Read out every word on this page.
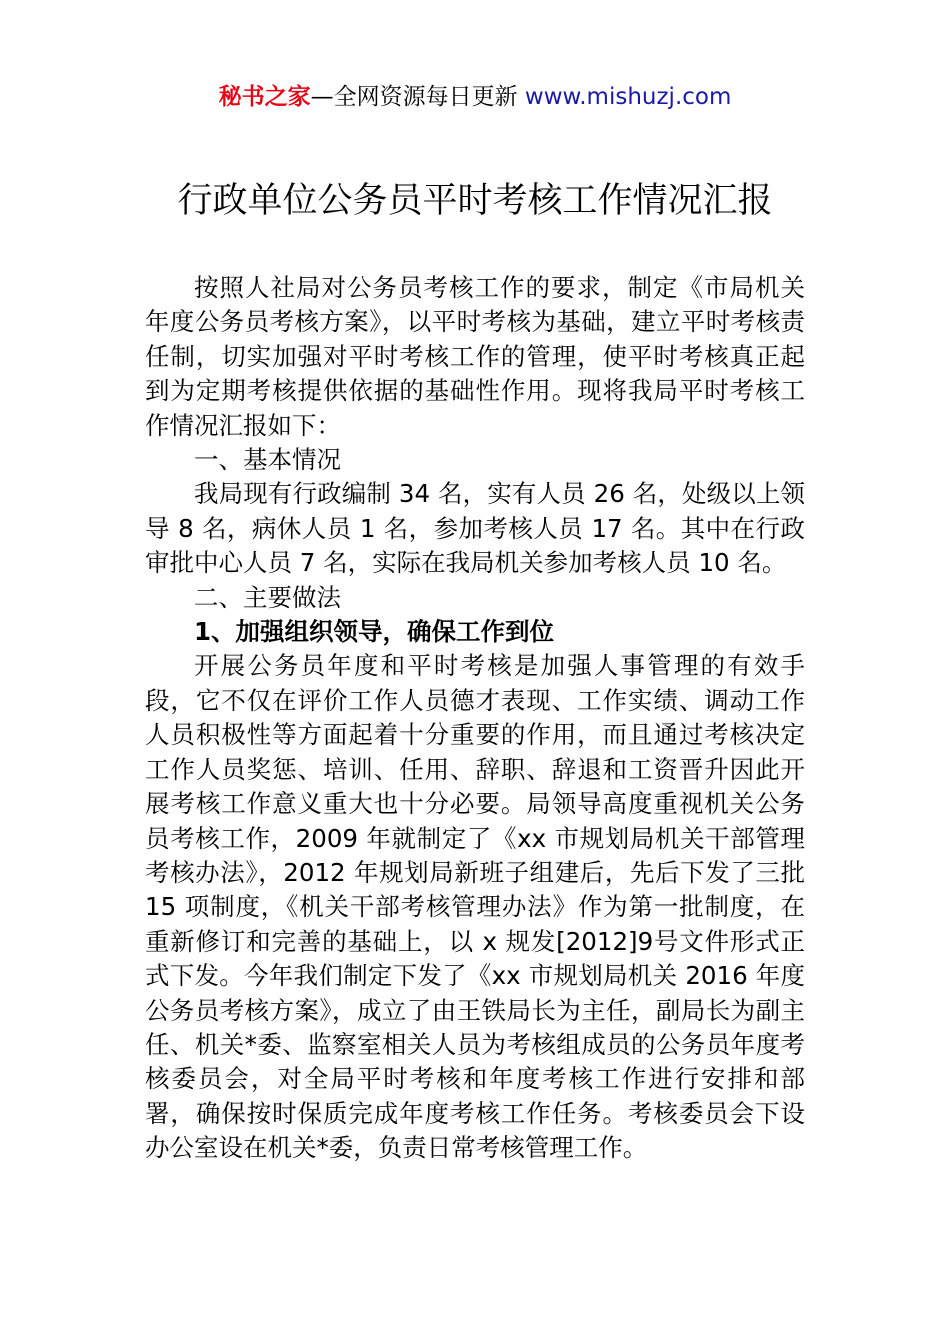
秘书之家—全网资源每日更新 www.mishuzj.com
行政单位公务员平时考核工作情况汇报

按照人社局对公务员考核工作的要求，制定《市局机关年度公务员考核方案》，以平时考核为基础，建立平时考核责任制，切实加强对平时考核工作的管理，使平时考核真正起到为定期考核提供依据的基础性作用。现将我局平时考核工作情况汇报如下：

一、基本情况

我局现有行政编制 34 名，实有人员 26 名，处级以上领导 8 名，病休人员 1 名，参加考核人员 17 名。其中在行政审批中心人员 7 名，实际在我局机关参加考核人员 10 名。

二、主要做法

1、加强组织领导，确保工作到位

开展公务员年度和平时考核是加强人事管理的有效手段，它不仅在评价工作人员德才表现、工作实绩、调动工作人员积极性等方面起着十分重要的作用，而且通过考核决定工作人员奖惩、培训、任用、辞职、辞退和工资晋升因此开展考核工作意义重大也十分必要。局领导高度重视机关公务员考核工作，2009 年就制定了《xx 市规划局机关干部管理考核办法》，2012 年规划局新班子组建后，先后下发了三批 15 项制度，《机关干部考核管理办法》作为第一批制度，在重新修订和完善的基础上，以 x 规发[2012]9号文件形式正式下发。今年我们制定下发了《xx 市规划局机关 2016 年度公务员考核方案》，成立了由王铁局长为主任，副局长为副主任、机关*委、监察室相关人员为考核组成员的公务员年度考核委员会，对全局平时考核和年度考核工作进行安排和部署，确保按时保质完成年度考核工作任务。考核委员会下设办公室设在机关*委，负责日常考核管理工作。
